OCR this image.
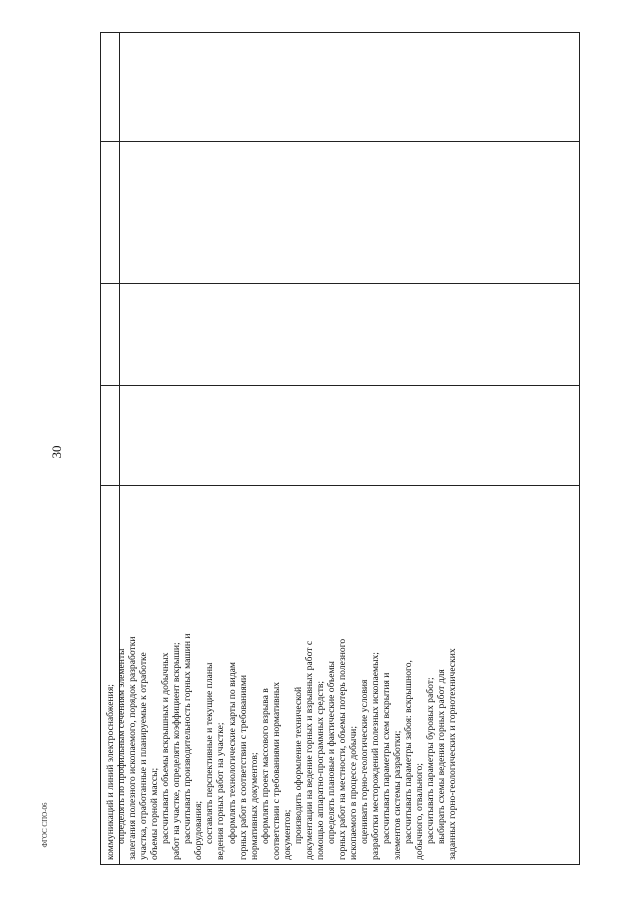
30
ФГОС СПО-06	коммуникаций и линий электроснабжения; определять по профильным сечениям элементы залегания полезного ископаемого, порядок разработки участка, отработанные и планируемые к отработке объемы горной массы; рассчитывать объемы вскрышных и добычных работ на участке, определять коэффициент вскрыши; рассчитывать производительность горных машин и оборудования; составлять перспективные и текущие планы ведения горных работ на участке; оформлять технологические карты по видам горных работ в соответствии с требованиями нормативных документов; оформлять проект массового взрыва в соответствии с требованиями нормативных документов; производить оформление технической документации на ведение горных и взрывных работ с помощью аппаратно-программных средств; определять плановые и фактические объемы горных работ на местности, объемы потерь полезного ископаемого в процессе добычи; оценивать горно-геологические условия разработки месторождений полезных ископаемых; рассчитывать параметры схем вскрытия и элементов системы разработки; рассчитывать параметры забоя: вскрышного, добычного, отвального; рассчитывать параметры буровых работ; выбирать схемы ведения горных работ для заданных горно-геологических и горнотехнических
